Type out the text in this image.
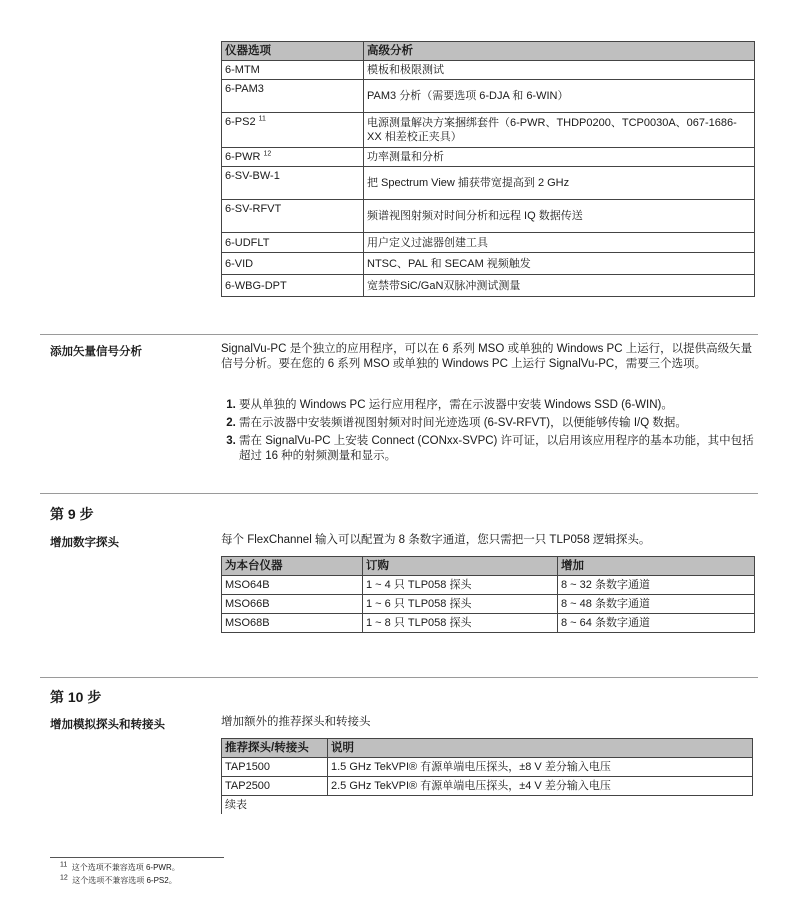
仪器选项	高级分析
6-MTM	模板和极限测试
6-PAM3	PAM3 分析（需要选项 6-DJA 和 6-WIN）
6-PS2 $^{11}$	电源测量解决方案捆绑套件（6-PWR、THDP0200、TCP0030A、067-1686-XX 相差校正夹具）
6-PWR $^{12}$	功率测量和分析
6-SV-BW-1	把 Spectrum View 捕获带宽提高到 2 GHz
6-SV-RFVT	频谱视图射频对时间分析和远程 IQ 数据传送
6-UDFLT	用户定义过滤器创建工具
6-VID	NTSC、PAL 和 SECAM 视频触发
6-WBG-DPT	宽禁带SiC/GaN双脉冲测试测量
添加矢量信号分析	SignalVu-PC 是个独立的应用程序，可以在 6 系列 MSO 或单独的 Windows PC 上运行，以提供高级矢量信号分析。要在您的 6 系列 MSO 或单独的 Windows PC 上运行 SignalVu-PC，需要三个选项。
1. 要从单独的 Windows PC 运行应用程序，需在示波器中安装 Windows SSD (6-WIN)。
2. 需在示波器中安装频谱视图射频对时间光迹选项 (6-SV-RFVT)，以便能够传输 I/Q 数据。
3. 需在 SignalVu-PC 上安装 Connect (CONxx-SVPC) 许可证，以启用该应用程序的基本功能，其中包括超过 16 种的射频测量和显示。
第 9 步
增加数字探头	每个 FlexChannel 输入可以配置为 8 条数字通道，您只需把一只 TLP058 逻辑探头。
为本台仪器	订购	增加
MSO64B	1 ~ 4 只 TLP058 探头	8 ~ 32 条数字通道
MSO66B	1 ~ 6 只 TLP058 探头	8 ~ 48 条数字通道
MSO68B	1 ~ 8 只 TLP058 探头	8 ~ 64 条数字通道
第 10 步
增加模拟探头和转接头	增加额外的推荐探头和转接头
推荐探头/转接头	说明
TAP1500	1.5 GHz TekVPI® 有源单端电压探头，±8 V 差分输入电压
TAP2500	2.5 GHz TekVPI® 有源单端电压探头，±4 V 差分输入电压
续表	
$^{11}$ 这个选项不兼容选项 6-PWR。
$^{12}$ 这个选项不兼容选项 6-PS2。
